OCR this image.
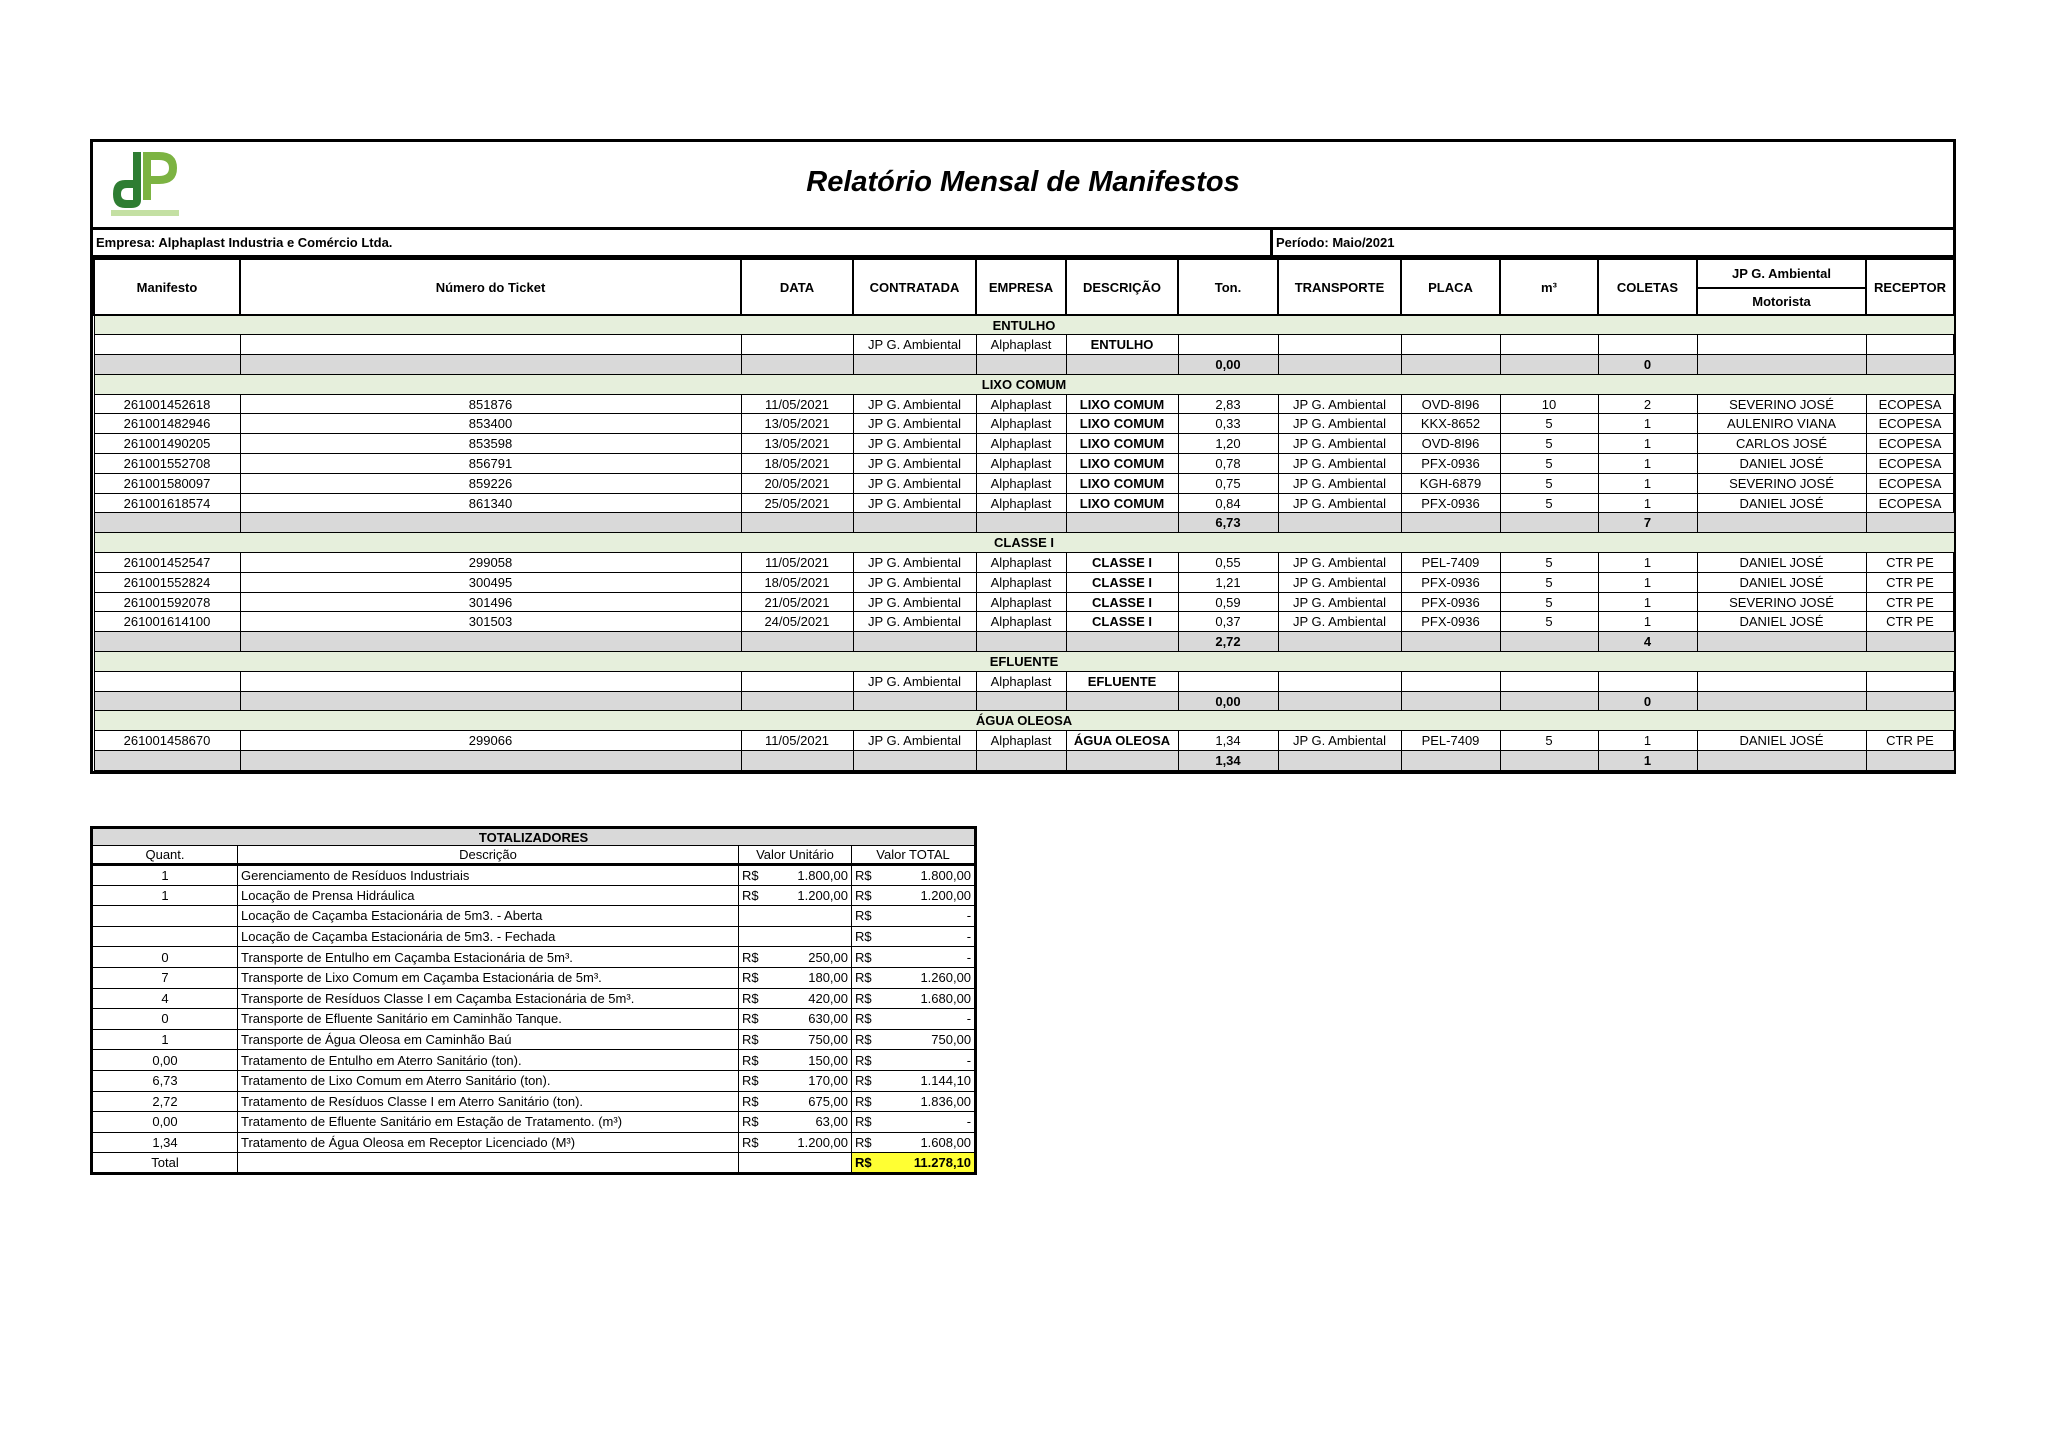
Relatório Mensal de Manifestos
Empresa: Alphaplast Industria e Comércio Ltda.	Período: Maio/2021
Manifesto	Número do Ticket	DATA	CONTRATADA	EMPRESA	DESCRIÇÃO	Ton.	TRANSPORTE	PLACA	m³	COLETAS	JP G. Ambiental	RECEPTOR
											Motorista	
ENTULHO												
			JP G. Ambiental	Alphaplast	ENTULHO							
						0,00				0		
LIXO COMUM												
261001452618	851876	11/05/2021	JP G. Ambiental	Alphaplast	LIXO COMUM	2,83	JP G. Ambiental	OVD-8I96	10	2	SEVERINO JOSÉ	ECOPESA
261001482946	853400	13/05/2021	JP G. Ambiental	Alphaplast	LIXO COMUM	0,33	JP G. Ambiental	KKX-8652	5	1	AULENIRO VIANA	ECOPESA
261001490205	853598	13/05/2021	JP G. Ambiental	Alphaplast	LIXO COMUM	1,20	JP G. Ambiental	OVD-8I96	5	1	CARLOS JOSÉ	ECOPESA
261001552708	856791	18/05/2021	JP G. Ambiental	Alphaplast	LIXO COMUM	0,78	JP G. Ambiental	PFX-0936	5	1	DANIEL JOSÉ	ECOPESA
261001580097	859226	20/05/2021	JP G. Ambiental	Alphaplast	LIXO COMUM	0,75	JP G. Ambiental	KGH-6879	5	1	SEVERINO JOSÉ	ECOPESA
261001618574	861340	25/05/2021	JP G. Ambiental	Alphaplast	LIXO COMUM	0,84	JP G. Ambiental	PFX-0936	5	1	DANIEL JOSÉ	ECOPESA
						6,73				7		
CLASSE I												
261001452547	299058	11/05/2021	JP G. Ambiental	Alphaplast	CLASSE I	0,55	JP G. Ambiental	PEL-7409	5	1	DANIEL JOSÉ	CTR PE
261001552824	300495	18/05/2021	JP G. Ambiental	Alphaplast	CLASSE I	1,21	JP G. Ambiental	PFX-0936	5	1	DANIEL JOSÉ	CTR PE
261001592078	301496	21/05/2021	JP G. Ambiental	Alphaplast	CLASSE I	0,59	JP G. Ambiental	PFX-0936	5	1	SEVERINO JOSÉ	CTR PE
261001614100	301503	24/05/2021	JP G. Ambiental	Alphaplast	CLASSE I	0,37	JP G. Ambiental	PFX-0936	5	1	DANIEL JOSÉ	CTR PE
						2,72				4		
EFLUENTE												
			JP G. Ambiental	Alphaplast	EFLUENTE							
						0,00				0		
ÁGUA OLEOSA												
261001458670	299066	11/05/2021	JP G. Ambiental	Alphaplast	ÁGUA OLEOSA	1,34	JP G. Ambiental	PEL-7409	5	1	DANIEL JOSÉ	CTR PE
						1,34				1		
TOTALIZADORES			
Quant.	Descrição	Valor Unitário	Valor TOTAL
1	Gerenciamento de Resíduos Industriais	R$ 1.800,00	R$ 1.800,00

1	Locação de Prensa Hidráulica	R$ 1.200,00	R$ 1.200,00

	Locação de Caçamba Estacionária de 5m3. - Aberta		R$ -

	Locação de Caçamba Estacionária de 5m3. - Fechada		R$ -

0	Transporte de Entulho em Caçamba Estacionária de 5m³.	R$ 250,00	R$ -

7	Transporte de Lixo Comum em Caçamba Estacionária de 5m³.	R$ 180,00	R$ 1.260,00

4	Transporte de Resíduos Classe I em Caçamba Estacionária de 5m³.	R$ 420,00	R$ 1.680,00

0	Transporte de Efluente Sanitário em Caminhão Tanque.	R$ 630,00	R$ -

1	Transporte de Água Oleosa em Caminhão Baú	R$ 750,00	R$ 750,00

0,00	Tratamento de Entulho em Aterro Sanitário (ton).	R$ 150,00	R$ -

6,73	Tratamento de Lixo Comum em Aterro Sanitário (ton).	R$ 170,00	R$ 1.144,10

2,72	Tratamento de Resíduos Classe I em Aterro Sanitário (ton).	R$ 675,00	R$ 1.836,00

0,00	Tratamento de Efluente Sanitário em Estação de Tratamento. (m³)	R$ 63,00	R$ -

1,34	Tratamento de Água Oleosa em Receptor Licenciado (M³)	R$ 1.200,00	R$ 1.608,00

Total			R$ 11.278,10
